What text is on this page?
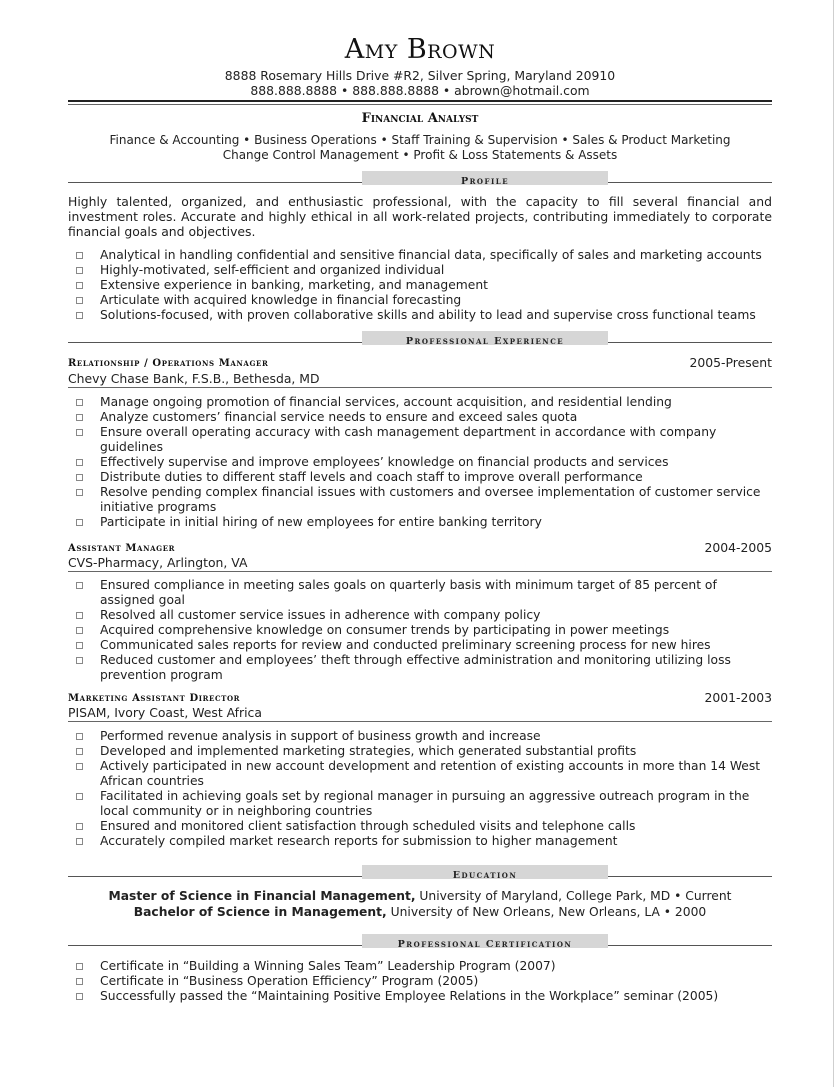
Amy Brown
8888 Rosemary Hills Drive #R2, Silver Spring, Maryland 20910
888.888.8888 • 888.888.8888 • abrown@hotmail.com
Financial Analyst
Finance & Accounting • Business Operations • Staff Training & Supervision • Sales & Product Marketing
Change Control Management • Profit & Loss Statements & Assets
Profile
Highly talented, organized, and enthusiastic professional, with the capacity to fill several financial and investment roles. Accurate and highly ethical in all work-related projects, contributing immediately to corporate financial goals and objectives.
Analytical in handling confidential and sensitive financial data, specifically of sales and marketing accounts
Highly-motivated, self-efficient and organized individual
Extensive experience in banking, marketing, and management
Articulate with acquired knowledge in financial forecasting
Solutions-focused, with proven collaborative skills and ability to lead and supervise cross functional teams
Professional Experience
Relationship / Operations Manager	2005-Present
Chevy Chase Bank, F.S.B., Bethesda, MD
Manage ongoing promotion of financial services, account acquisition, and residential lending
Analyze customers’ financial service needs to ensure and exceed sales quota
Ensure overall operating accuracy with cash management department in accordance with company guidelines
Effectively supervise and improve employees’ knowledge on financial products and services
Distribute duties to different staff levels and coach staff to improve overall performance
Resolve pending complex financial issues with customers and oversee implementation of customer service initiative programs
Participate in initial hiring of new employees for entire banking territory
Assistant Manager	2004-2005
CVS-Pharmacy, Arlington, VA
Ensured compliance in meeting sales goals on quarterly basis with minimum target of 85 percent of assigned goal
Resolved all customer service issues in adherence with company policy
Acquired comprehensive knowledge on consumer trends by participating in power meetings
Communicated sales reports for review and conducted preliminary screening process for new hires
Reduced customer and employees’ theft through effective administration and monitoring utilizing loss prevention program
Marketing Assistant Director	2001-2003
PISAM, Ivory Coast, West Africa
Performed revenue analysis in support of business growth and increase
Developed and implemented marketing strategies, which generated substantial profits
Actively participated in new account development and retention of existing accounts in more than 14 West African countries
Facilitated in achieving goals set by regional manager in pursuing an aggressive outreach program in the local community or in neighboring countries
Ensured and monitored client satisfaction through scheduled visits and telephone calls
Accurately compiled market research reports for submission to higher management
Education
Master of Science in Financial Management, University of Maryland, College Park, MD • Current
Bachelor of Science in Management, University of New Orleans, New Orleans, LA • 2000
Professional Certification
Certificate in “Building a Winning Sales Team” Leadership Program (2007)
Certificate in “Business Operation Efficiency” Program (2005)
Successfully passed the “Maintaining Positive Employee Relations in the Workplace” seminar (2005)
